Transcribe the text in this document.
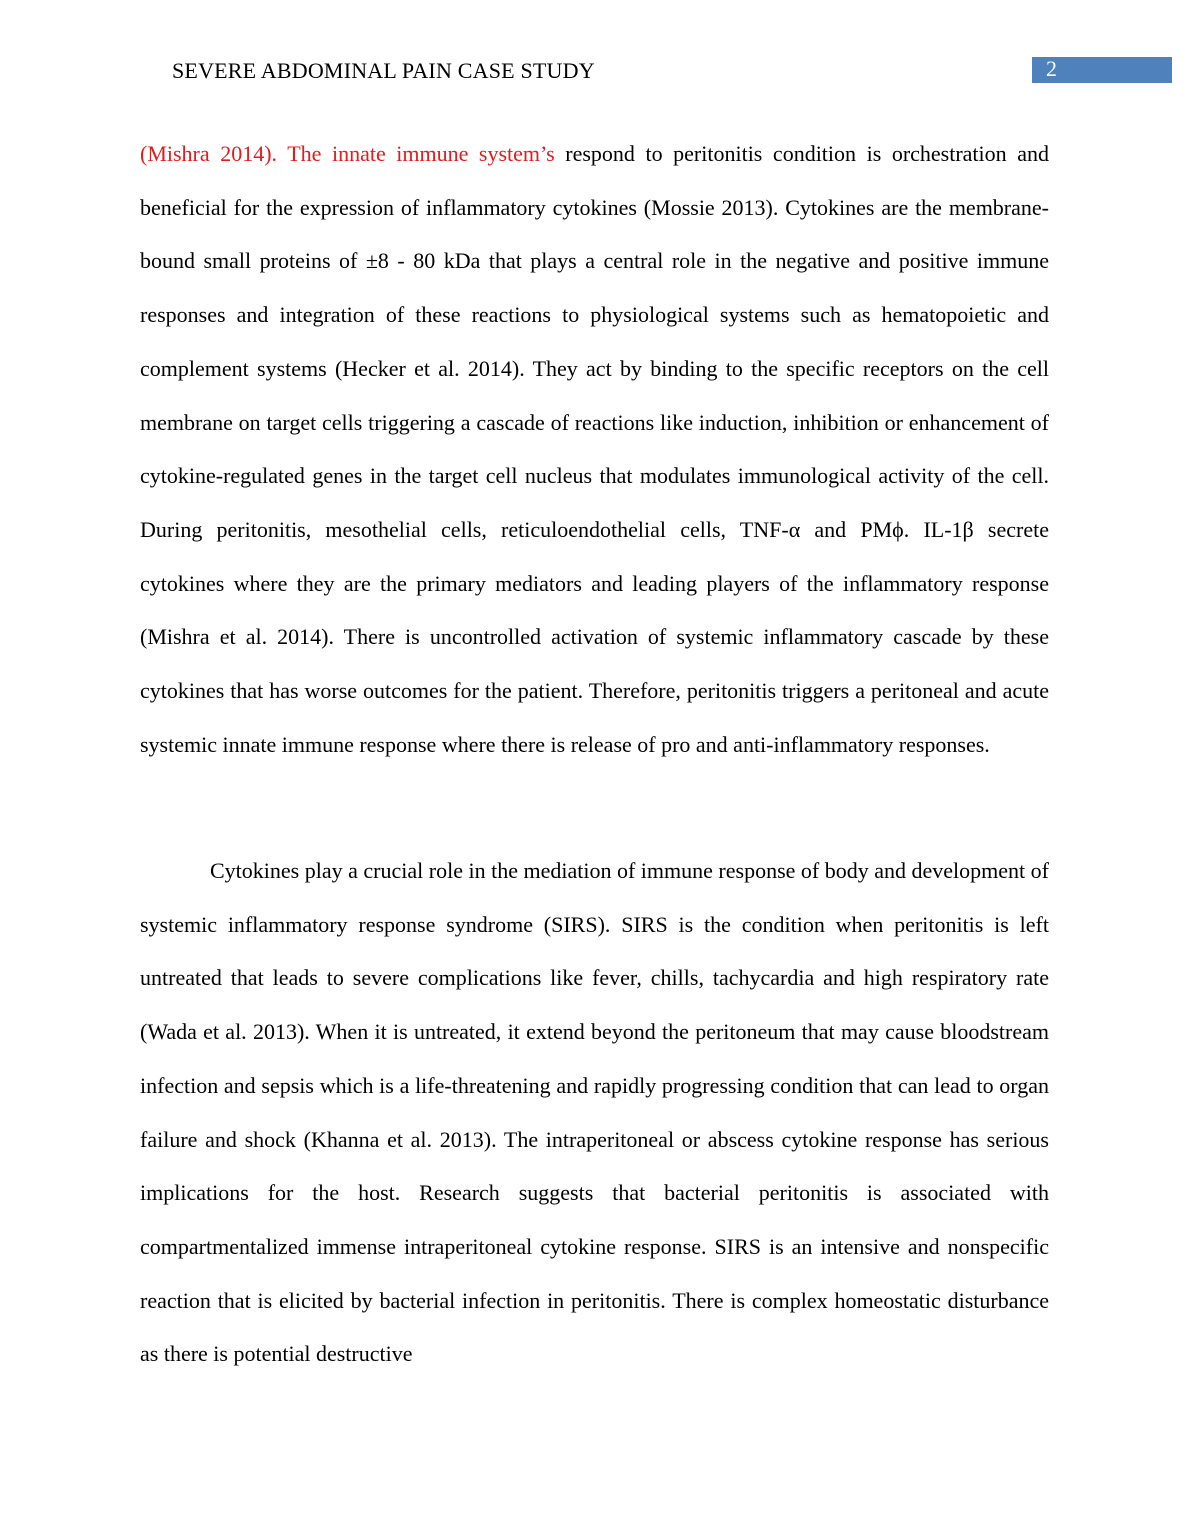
SEVERE ABDOMINAL PAIN CASE STUDY	2

(Mishra 2014). The innate immune system’s respond to peritonitis condition is orchestration and beneficial for the expression of inflammatory cytokines (Mossie 2013). Cytokines are the membrane-bound small proteins of ±8 - 80 kDa that plays a central role in the negative and positive immune responses and integration of these reactions to physiological systems such as hematopoietic and complement systems (Hecker et al. 2014). They act by binding to the specific receptors on the cell membrane on target cells triggering a cascade of reactions like induction, inhibition or enhancement of cytokine-regulated genes in the target cell nucleus that modulates immunological activity of the cell. During peritonitis, mesothelial cells, reticuloendothelial cells, TNF-α and PMϕ. IL-1β secrete cytokines where they are the primary mediators and leading players of the inflammatory response (Mishra et al. 2014). There is uncontrolled activation of systemic inflammatory cascade by these cytokines that has worse outcomes for the patient. Therefore, peritonitis triggers a peritoneal and acute systemic innate immune response where there is release of pro and anti-inflammatory responses.

Cytokines play a crucial role in the mediation of immune response of body and development of systemic inflammatory response syndrome (SIRS). SIRS is the condition when peritonitis is left untreated that leads to severe complications like fever, chills, tachycardia and high respiratory rate (Wada et al. 2013). When it is untreated, it extend beyond the peritoneum that may cause bloodstream infection and sepsis which is a life-threatening and rapidly progressing condition that can lead to organ failure and shock (Khanna et al. 2013). The intraperitoneal or abscess cytokine response has serious implications for the host. Research suggests that bacterial peritonitis is associated with compartmentalized immense intraperitoneal cytokine response. SIRS is an intensive and nonspecific reaction that is elicited by bacterial infection in peritonitis. There is complex homeostatic disturbance as there is potential destructive
